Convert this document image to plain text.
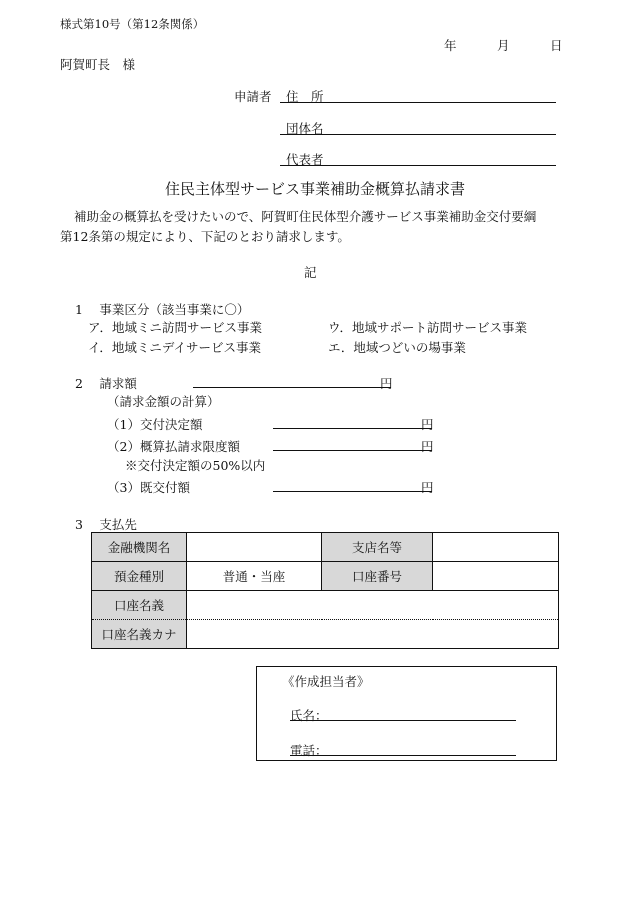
様式第10号（第12条関係）
年	月	日
阿賀町長　様
申請者 住　所
団体名
代表者
住民主体型サービス事業補助金概算払請求書
補助金の概算払を受けたいので、阿賀町住民体型介護サービス事業補助金交付要綱
第12条第の規定により、下記のとおり請求します。
記
1　 事業区分（該当事業に〇）
ア．地域ミニ訪問サービス事業	ウ．地域サポート訪問サービス事業
イ．地域ミニデイサービス事業	エ．地域つどいの場事業
2　 請求額	円
（請求金額の計算）
（1）交付決定額	円
（2）概算払請求限度額	円
※交付決定額の50%以内
（3）既交付額	円
3　 支払先
金融機関名		支店名等	
預金種別	普通・当座	口座番号	
口座名義			
口座名義カナ			
《作成担当者》
氏名：
電話：
